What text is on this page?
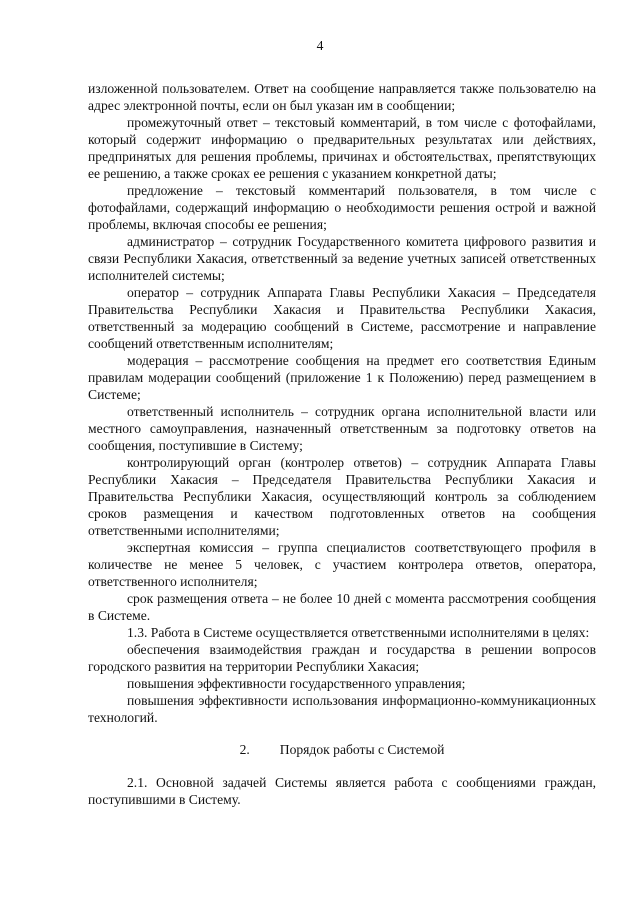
4

изложенной пользователем. Ответ на сообщение направляется также пользователю на адрес электронной почты, если он был указан им в сообщении;

промежуточный ответ – текстовый комментарий, в том числе с фотофайлами, который содержит информацию о предварительных результатах или действиях, предпринятых для решения проблемы, причинах и обстоятельствах, препятствующих ее решению, а также сроках ее решения с указанием конкретной даты;

предложение – текстовый комментарий пользователя, в том числе с фотофайлами, содержащий информацию о необходимости решения острой и важной проблемы, включая способы ее решения;

администратор – сотрудник Государственного комитета цифрового развития и связи Республики Хакасия, ответственный за ведение учетных записей ответственных исполнителей системы;

оператор – сотрудник Аппарата Главы Республики Хакасия – Председателя Правительства Республики Хакасия и Правительства Республики Хакасия, ответственный за модерацию сообщений в Системе, рассмотрение и направление сообщений ответственным исполнителям;

модерация – рассмотрение сообщения на предмет его соответствия Единым правилам модерации сообщений (приложение 1 к Положению) перед размещением в Системе;

ответственный исполнитель – сотрудник органа исполнительной власти или местного самоуправления, назначенный ответственным за подготовку ответов на сообщения, поступившие в Систему;

контролирующий орган (контролер ответов) – сотрудник Аппарата Главы Республики Хакасия – Председателя Правительства Республики Хакасия и Правительства Республики Хакасия, осуществляющий контроль за соблюдением сроков размещения и качеством подготовленных ответов на сообщения ответственными исполнителями;

экспертная комиссия – группа специалистов соответствующего профиля в количестве не менее 5 человек, с участием контролера ответов, оператора, ответственного исполнителя;

срок размещения ответа – не более 10 дней с момента рассмотрения сообщения в Системе.

1.3. Работа в Системе осуществляется ответственными исполнителями в целях:

обеспечения взаимодействия граждан и государства в решении вопросов городского развития на территории Республики Хакасия;

повышения эффективности государственного управления;

повышения эффективности использования информационно-коммуникационных технологий.

2. Порядок работы с Системой

2.1. Основной задачей Системы является работа с сообщениями граждан, поступившими в Систему.
